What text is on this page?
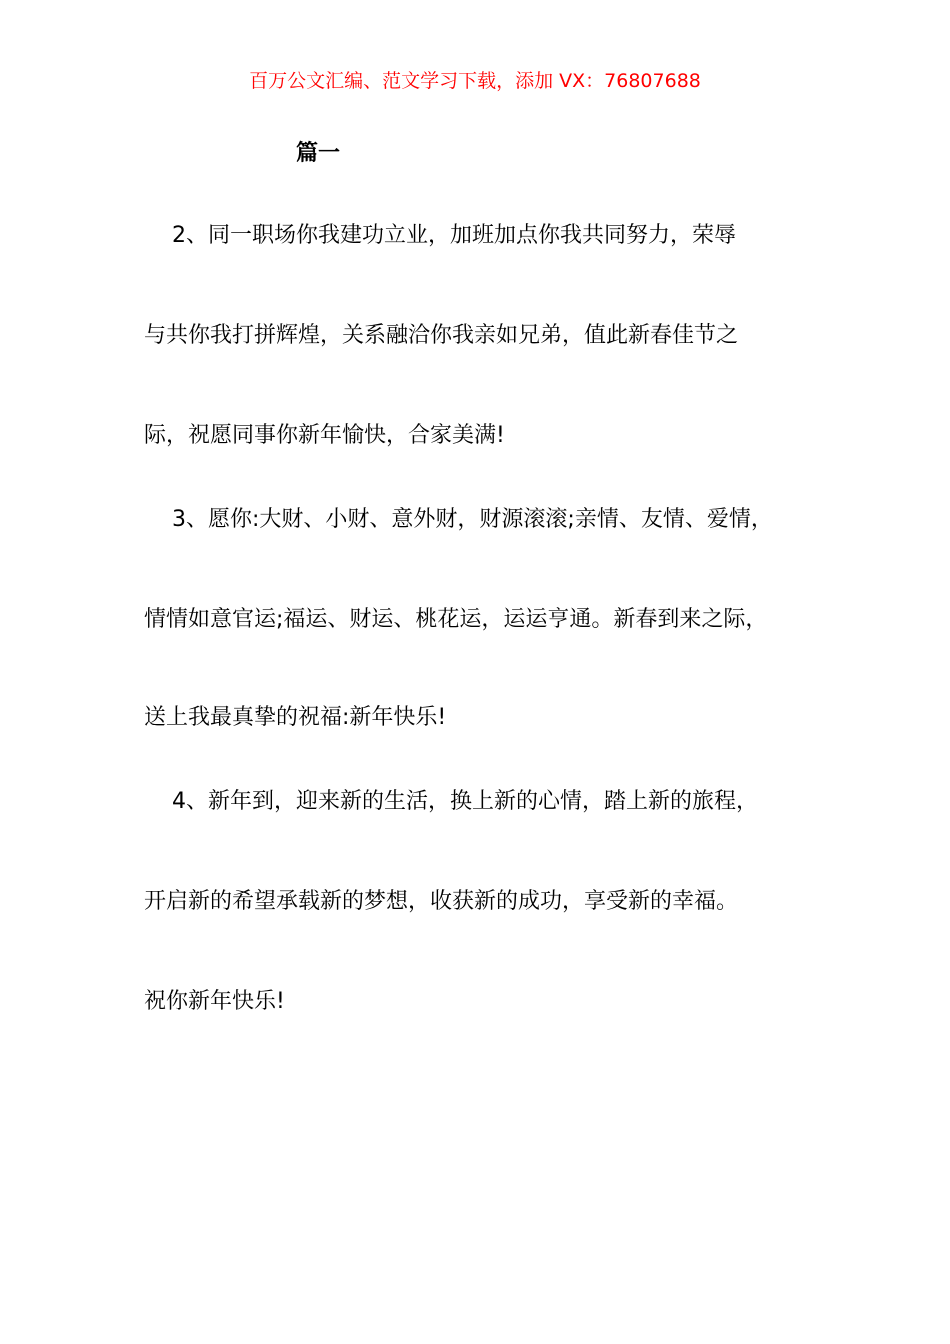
百万公文汇编、范文学习下载，添加 VX：76807688
篇一
2、同一职场你我建功立业，加班加点你我共同努力，荣辱
与共你我打拼辉煌，关系融洽你我亲如兄弟，值此新春佳节之
际，祝愿同事你新年愉快，合家美满!
3、愿你:大财、小财、意外财，财源滚滚;亲情、友情、爱情，
情情如意官运;福运、财运、桃花运，运运亨通。新春到来之际，
送上我最真挚的祝福:新年快乐!
4、新年到，迎来新的生活，换上新的心情，踏上新的旅程，
开启新的希望承载新的梦想，收获新的成功，享受新的幸福。
祝你新年快乐!
